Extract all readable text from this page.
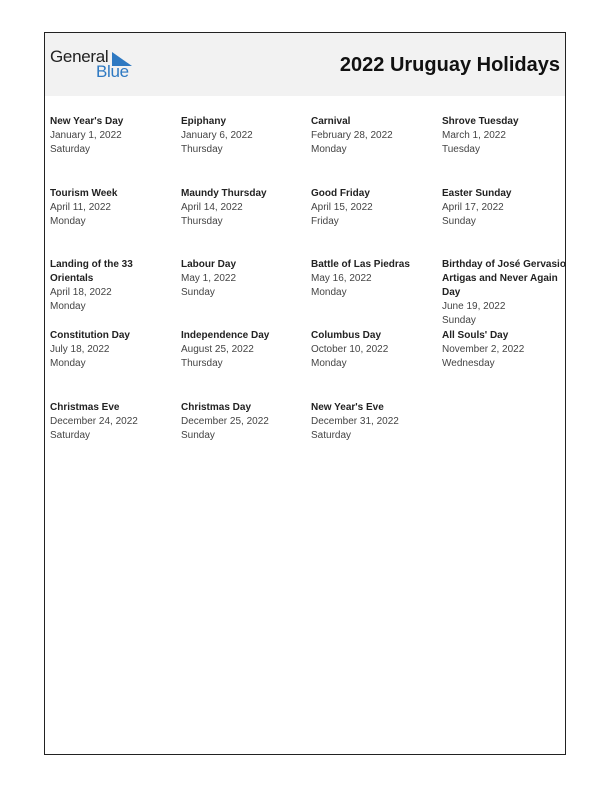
General
Blue	2022 Uruguay Holidays
New Year's Day
January 1, 2022
Saturday
Epiphany
January 6, 2022
Thursday
Carnival
February 28, 2022
Monday
Shrove Tuesday
March 1, 2022
Tuesday
Tourism Week
April 11, 2022
Monday
Maundy Thursday
April 14, 2022
Thursday
Good Friday
April 15, 2022
Friday
Easter Sunday
April 17, 2022
Sunday
Landing of the 33 Orientals
April 18, 2022
Monday
Labour Day
May 1, 2022
Sunday
Battle of Las Piedras
May 16, 2022
Monday
Birthday of José Gervasio Artigas and Never Again Day
June 19, 2022
Sunday
Constitution Day
July 18, 2022
Monday
Independence Day
August 25, 2022
Thursday
Columbus Day
October 10, 2022
Monday
All Souls' Day
November 2, 2022
Wednesday
Christmas Eve
December 24, 2022
Saturday
Christmas Day
December 25, 2022
Sunday
New Year's Eve
December 31, 2022
Saturday
